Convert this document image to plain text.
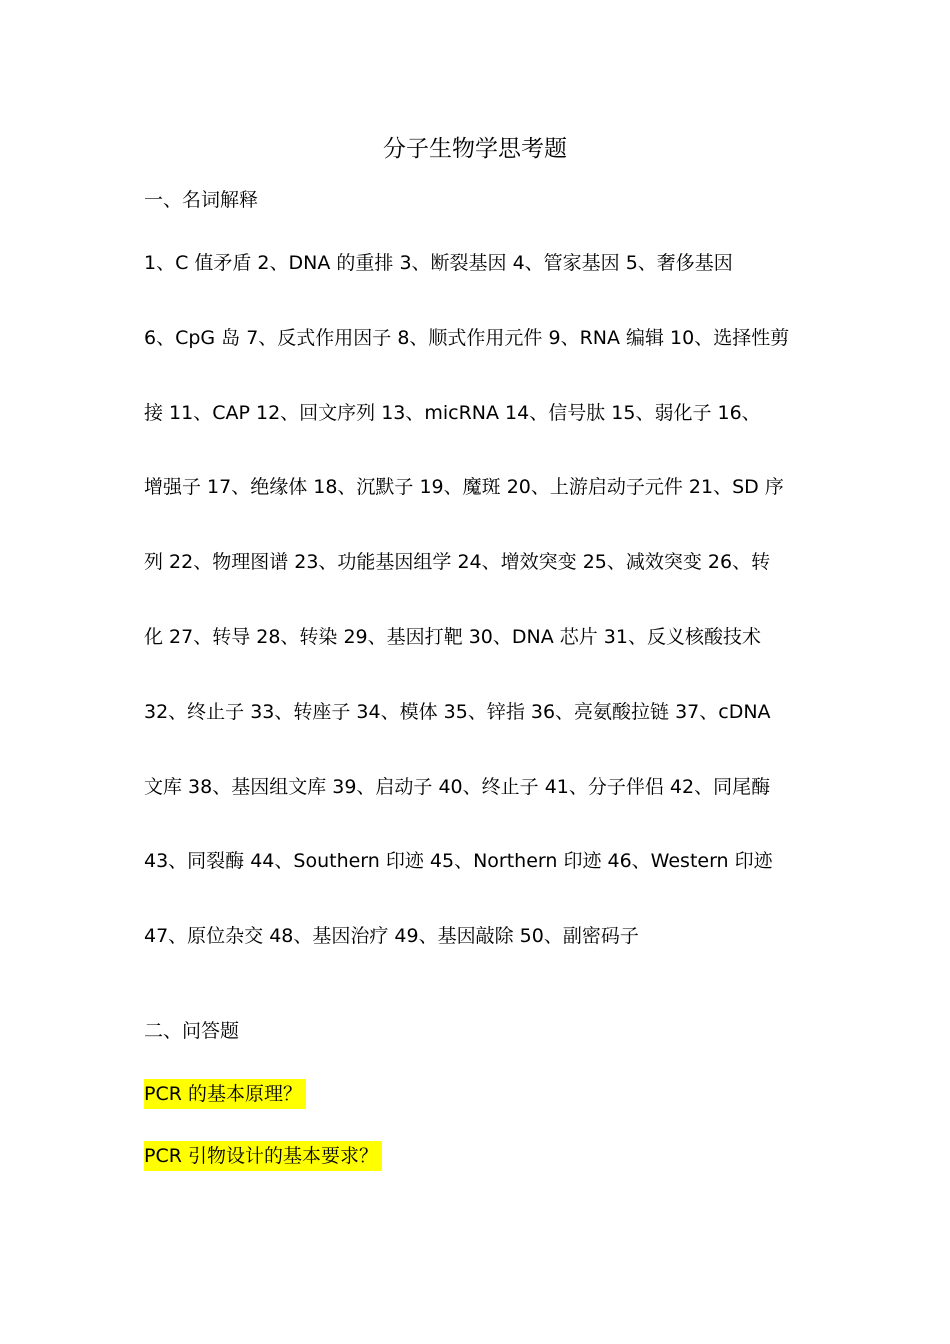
分子生物学思考题
一、名词解释
1、C 值矛盾 2、DNA 的重排 3、断裂基因 4、管家基因 5、奢侈基因
6、CpG 岛 7、反式作用因子 8、顺式作用元件 9、RNA 编辑 10、选择性剪
接 11、CAP 12、回文序列 13、micRNA 14、信号肽 15、弱化子 16、
增强子 17、绝缘体 18、沉默子 19、魔斑 20、上游启动子元件 21、SD 序
列 22、物理图谱 23、功能基因组学 24、增效突变 25、减效突变 26、转
化 27、转导 28、转染 29、基因打靶 30、DNA 芯片 31、反义核酸技术
32、终止子 33、转座子 34、模体 35、锌指 36、亮氨酸拉链 37、cDNA
文库 38、基因组文库 39、启动子 40、终止子 41、分子伴侣 42、同尾酶
43、同裂酶 44、Southern 印迹 45、Northern 印迹 46、Western 印迹
47、原位杂交 48、基因治疗 49、基因敲除 50、副密码子
二、问答题
PCR 的基本原理？
PCR 引物设计的基本要求？
